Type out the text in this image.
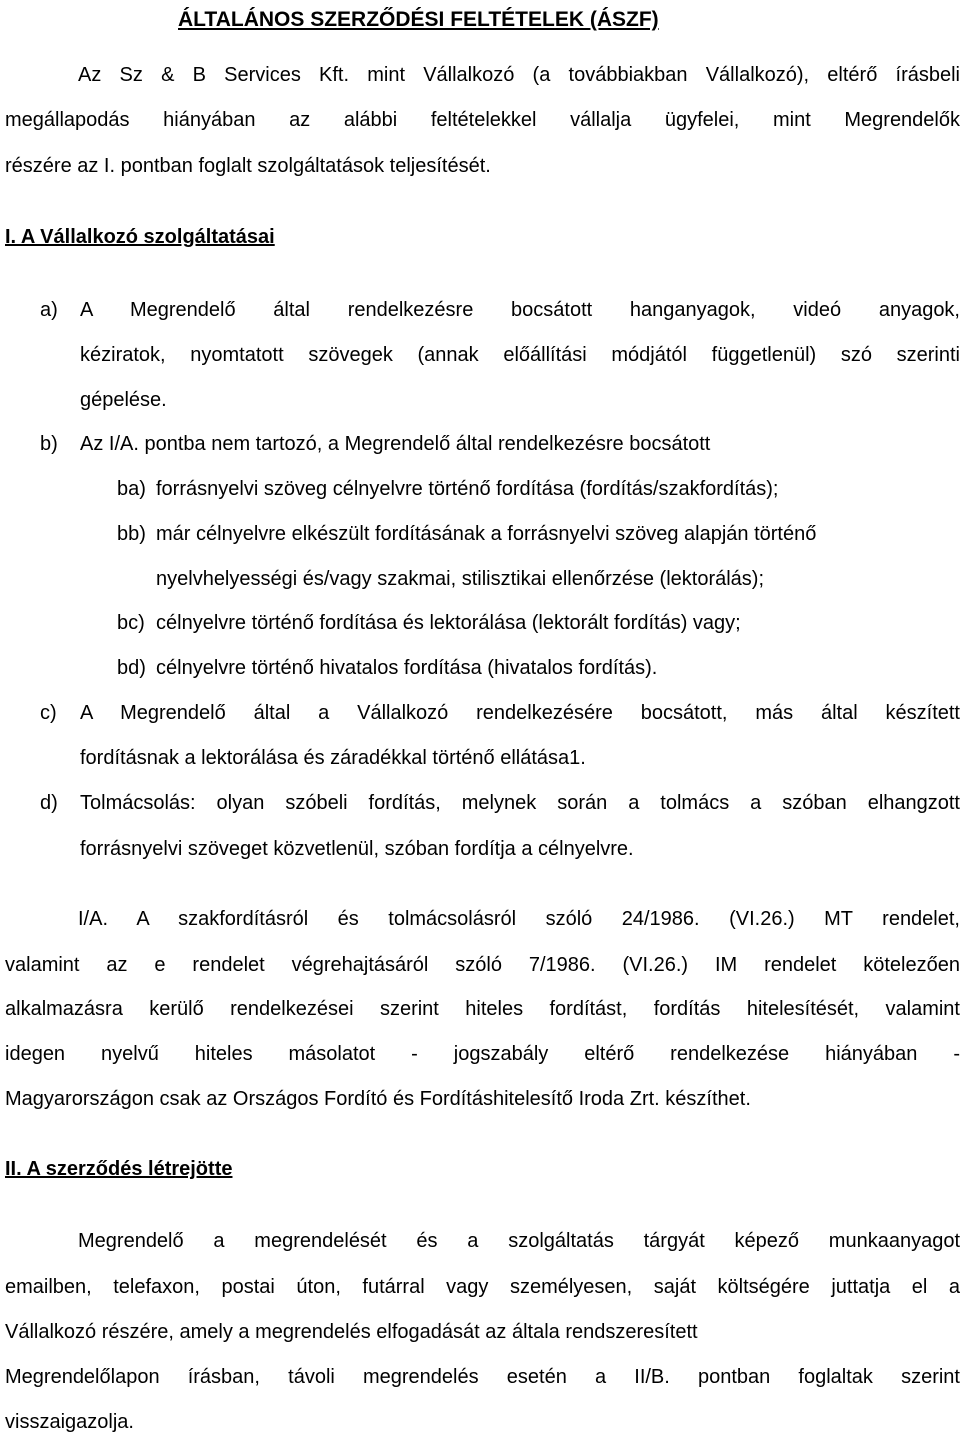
ÁLTALÁNOS SZERZŐDÉSI FELTÉTELEK (ÁSZF)
Az Sz & B Services Kft. mint Vállalkozó (a továbbiakban Vállalkozó), eltérő írásbeli
megállapodás hiányában az alábbi feltételekkel vállalja ügyfelei, mint Megrendelők
részére az I. pontban foglalt szolgáltatások teljesítését.
I. A Vállalkozó szolgáltatásai
a) A Megrendelő által rendelkezésre bocsátott hanganyagok, videó anyagok,
kéziratok, nyomtatott szövegek (annak előállítási módjától függetlenül) szó szerinti
gépelése.
b) Az I/A. pontba nem tartozó, a Megrendelő által rendelkezésre bocsátott
ba) forrásnyelvi szöveg célnyelvre történő fordítása (fordítás/szakfordítás);
bb) már célnyelvre elkészült fordításának a forrásnyelvi szöveg alapján történő
nyelvhelyességi és/vagy szakmai, stilisztikai ellenőrzése (lektorálás);
bc) célnyelvre történő fordítása és lektorálása (lektorált fordítás) vagy;
bd) célnyelvre történő hivatalos fordítása (hivatalos fordítás).
c) A Megrendelő által a Vállalkozó rendelkezésére bocsátott, más által készített
fordításnak a lektorálása és záradékkal történő ellátása1.
d) Tolmácsolás: olyan szóbeli fordítás, melynek során a tolmács a szóban elhangzott
forrásnyelvi szöveget közvetlenül, szóban fordítja a célnyelvre.
I/A. A szakfordításról és tolmácsolásról szóló 24/1986. (VI.26.) MT rendelet,
valamint az e rendelet végrehajtásáról szóló 7/1986. (VI.26.) IM rendelet kötelezően
alkalmazásra kerülő rendelkezései szerint hiteles fordítást, fordítás hitelesítését, valamint
idegen nyelvű hiteles másolatot - jogszabály eltérő rendelkezése hiányában -
Magyarországon csak az Országos Fordító és Fordításhitelesítő Iroda Zrt. készíthet.
II. A szerződés létrejötte
Megrendelő a megrendelését és a szolgáltatás tárgyát képező munkaanyagot
emailben, telefaxon, postai úton, futárral vagy személyesen, saját költségére juttatja el a
Vállalkozó részére, amely a megrendelés elfogadását az általa rendszeresített
Megrendelőlapon írásban, távoli megrendelés esetén a II/B. pontban foglaltak szerint
visszaigazolja.
